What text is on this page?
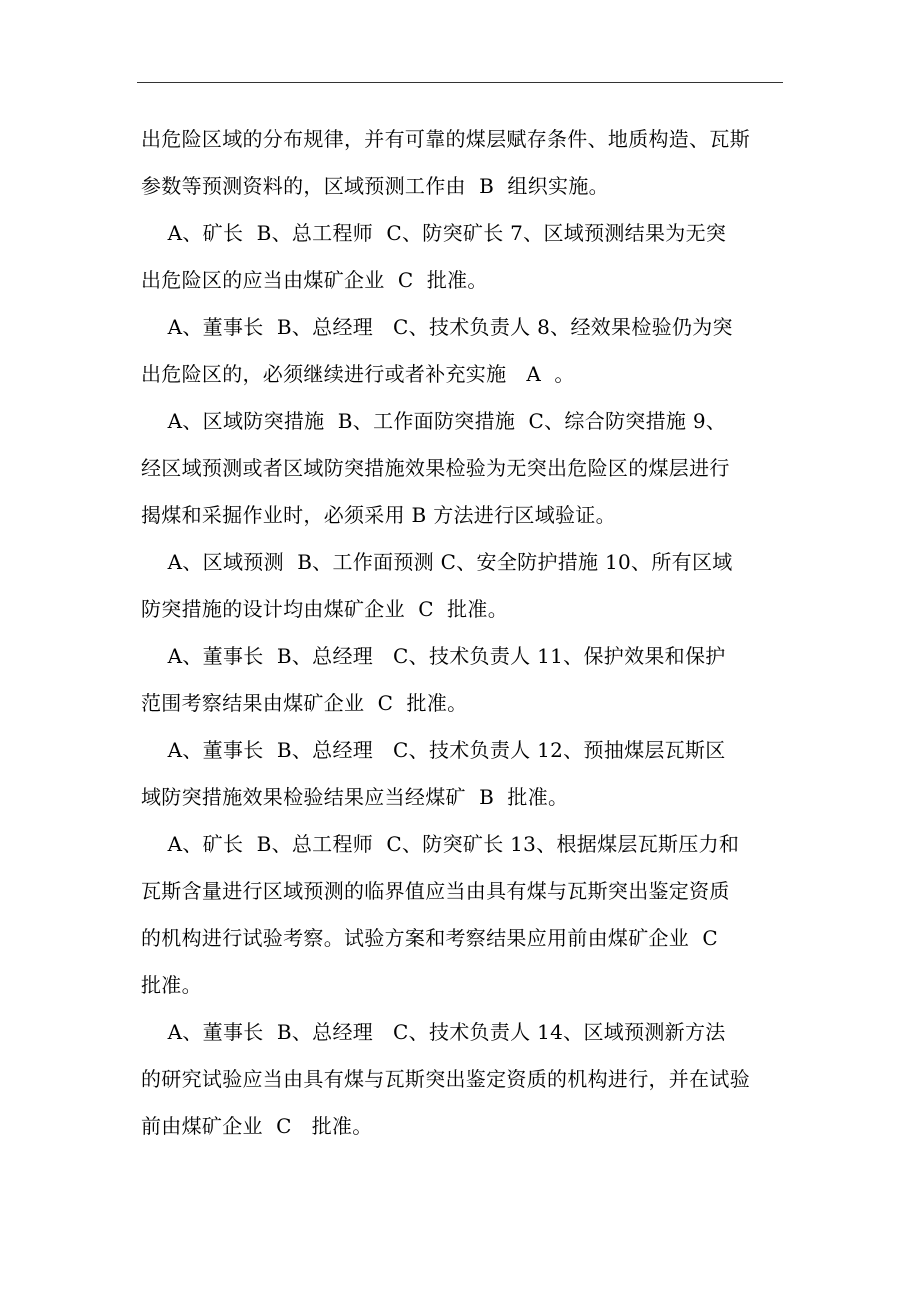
出危险区域的分布规律，并有可靠的煤层赋存条件、地质构造、瓦斯
参数等预测资料的，区域预测工作由  B  组织实施。
A、矿长  B、总工程师  C、防突矿长 7、区域预测结果为无突
出危险区的应当由煤矿企业  C  批准。
A、董事长  B、总经理   C、技术负责人 8、经效果检验仍为突
出危险区的，必须继续进行或者补充实施   A  。
A、区域防突措施  B、工作面防突措施  C、综合防突措施 9、
经区域预测或者区域防突措施效果检验为无突出危险区的煤层进行
揭煤和采掘作业时，必须采用 B 方法进行区域验证。
A、区域预测  B、工作面预测 C、安全防护措施 10、所有区域
防突措施的设计均由煤矿企业  C  批准。
A、董事长  B、总经理   C、技术负责人 11、保护效果和保护
范围考察结果由煤矿企业  C  批准。
A、董事长  B、总经理   C、技术负责人 12、预抽煤层瓦斯区
域防突措施效果检验结果应当经煤矿  B  批准。
A、矿长  B、总工程师  C、防突矿长 13、根据煤层瓦斯压力和
瓦斯含量进行区域预测的临界值应当由具有煤与瓦斯突出鉴定资质
的机构进行试验考察。试验方案和考察结果应用前由煤矿企业  C
批准。
A、董事长  B、总经理   C、技术负责人 14、区域预测新方法
的研究试验应当由具有煤与瓦斯突出鉴定资质的机构进行，并在试验
前由煤矿企业  C   批准。
